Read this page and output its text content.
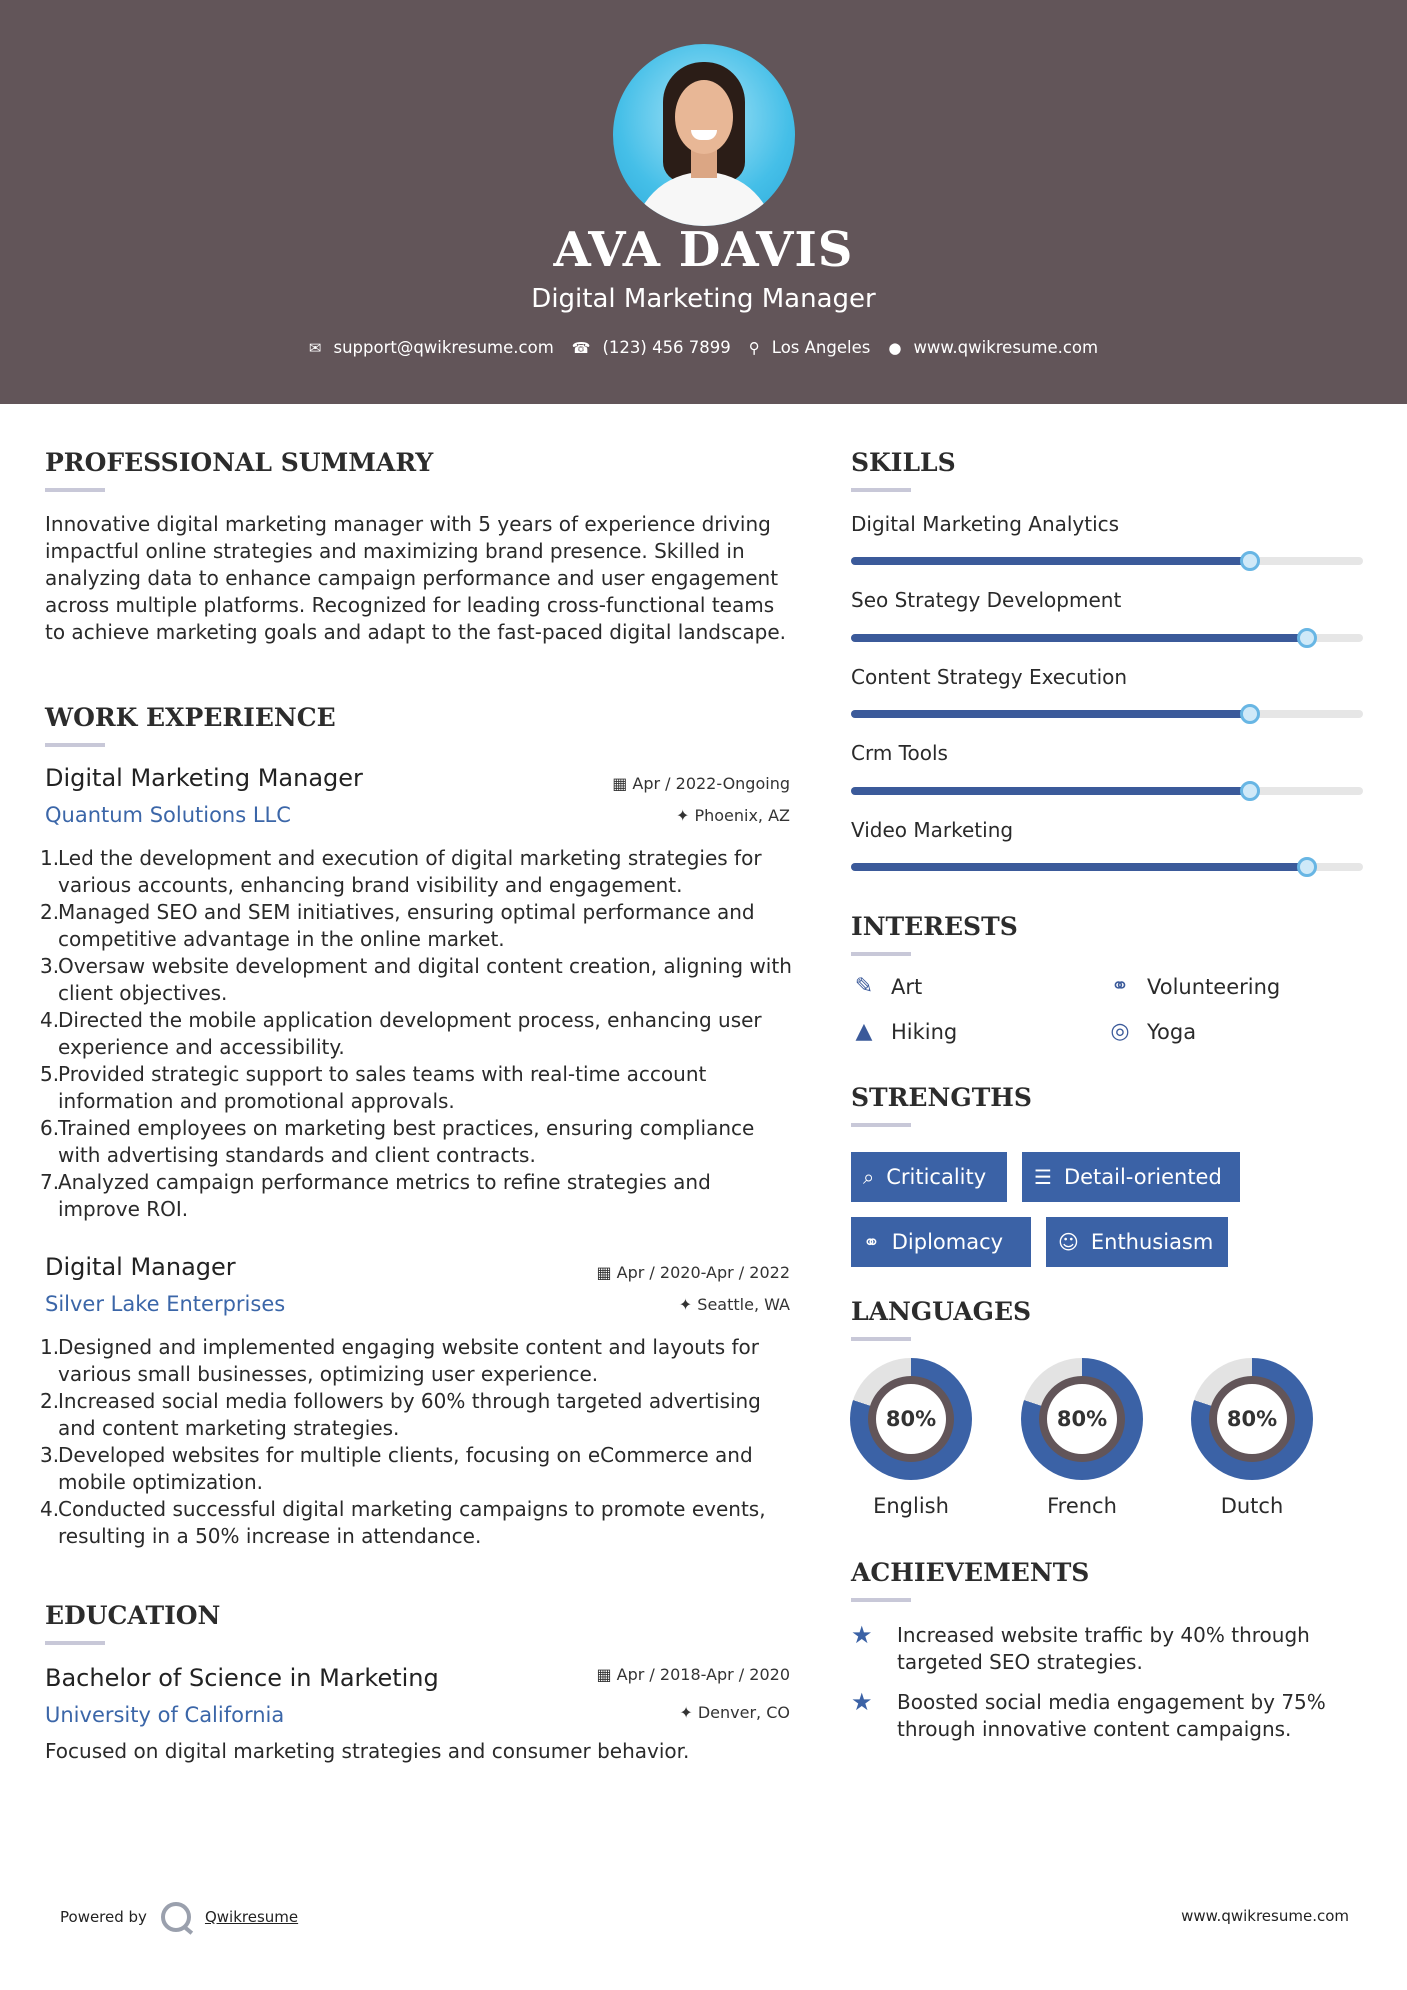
AVA DAVIS
Digital Marketing Manager
✉ support@qwikresume.com ☎ (123) 456 7899 ⚲ Los Angeles ● www.qwikresume.com
PROFESSIONAL SUMMARY
Innovative digital marketing manager with 5 years of experience driving impactful online strategies and maximizing brand presence. Skilled in analyzing data to enhance campaign performance and user engagement across multiple platforms. Recognized for leading cross-functional teams to achieve marketing goals and adapt to the fast-paced digital landscape.
WORK EXPERIENCE
Digital Marketing Manager
Quantum Solutions LLC
▦ Apr / 2022-Ongoing
✦ Phoenix, AZ
1.
Led the development and execution of digital marketing strategies for various accounts, enhancing brand visibility and engagement.
2.
Managed SEO and SEM initiatives, ensuring optimal performance and competitive advantage in the online market.
3.
Oversaw website development and digital content creation, aligning with client objectives.
4.
Directed the mobile application development process, enhancing user experience and accessibility.
5.
Provided strategic support to sales teams with real-time account information and promotional approvals.
6.
Trained employees on marketing best practices, ensuring compliance with advertising standards and client contracts.
7.
Analyzed campaign performance metrics to refine strategies and improve ROI.
Digital Manager
Silver Lake Enterprises
▦ Apr / 2020-Apr / 2022
✦ Seattle, WA
1.
Designed and implemented engaging website content and layouts for various small businesses, optimizing user experience.
2.
Increased social media followers by 60% through targeted advertising and content marketing strategies.
3.
Developed websites for multiple clients, focusing on eCommerce and mobile optimization.
4.
Conducted successful digital marketing campaigns to promote events, resulting in a 50% increase in attendance.
EDUCATION
Bachelor of Science in Marketing
University of California
▦ Apr / 2018-Apr / 2020
✦ Denver, CO
Focused on digital marketing strategies and consumer behavior.
SKILLS
Digital Marketing Analytics
Seo Strategy Development
Content Strategy Execution
Crm Tools
Video Marketing
INTERESTS
✎ Art	⚭ Volunteering
▲ Hiking	◎ Yoga
STRENGTHS
⌕ Criticality ☰ Detail-oriented
⚭ Diplomacy	☺ Enthusiasm
LANGUAGES
80%
English
80%
French
80%
Dutch
ACHIEVEMENTS
★	Increased website traffic by 40% through targeted SEO strategies.
★	Boosted social media engagement by 75% through innovative content campaigns.
Powered by	Qwikresume	www.qwikresume.com
